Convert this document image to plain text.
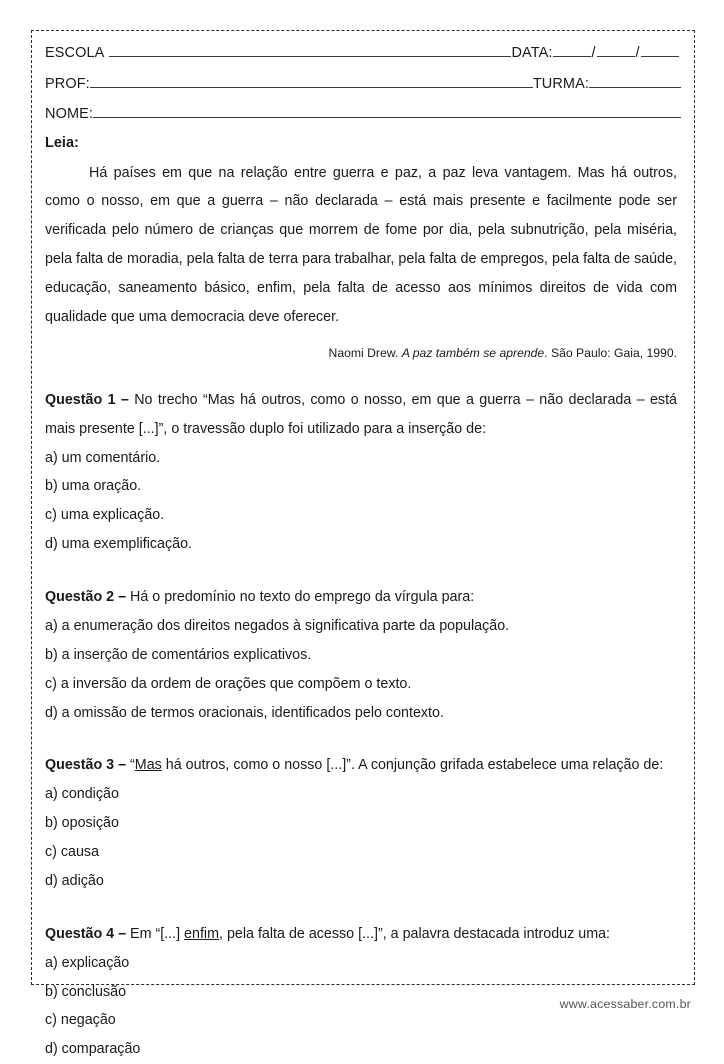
ESCOLA	DATA:	/	/
PROF:	TURMA:
NOME:
Leia:

Há países em que na relação entre guerra e paz, a paz leva vantagem. Mas há outros, como o nosso, em que a guerra – não declarada – está mais presente e facilmente pode ser verificada pelo número de crianças que morrem de fome por dia, pela subnutrição, pela miséria, pela falta de moradia, pela falta de terra para trabalhar, pela falta de empregos, pela falta de saúde, educação, saneamento básico, enfim, pela falta de acesso aos mínimos direitos de vida com qualidade que uma democracia deve oferecer.

Naomi Drew. A paz também se aprende. São Paulo: Gaia, 1990.

Questão 1 – No trecho “Mas há outros, como o nosso, em que a guerra – não declarada – está mais presente [...]”, o travessão duplo foi utilizado para a inserção de:

a) um comentário.

b) uma oração.

c) uma explicação.

d) uma exemplificação.

Questão 2 – Há o predomínio no texto do emprego da vírgula para:

a) a enumeração dos direitos negados à significativa parte da população.

b) a inserção de comentários explicativos.

c) a inversão da ordem de orações que compõem o texto.

d) a omissão de termos oracionais, identificados pelo contexto.

Questão 3 – “Mas há outros, como o nosso [...]”. A conjunção grifada estabelece uma relação de:

a) condição

b) oposição

c) causa

d) adição

Questão 4 – Em “[...] enfim, pela falta de acesso [...]”, a palavra destacada introduz uma:

a) explicação

b) conclusão

c) negação

d) comparação

www.acessaber.com.br
